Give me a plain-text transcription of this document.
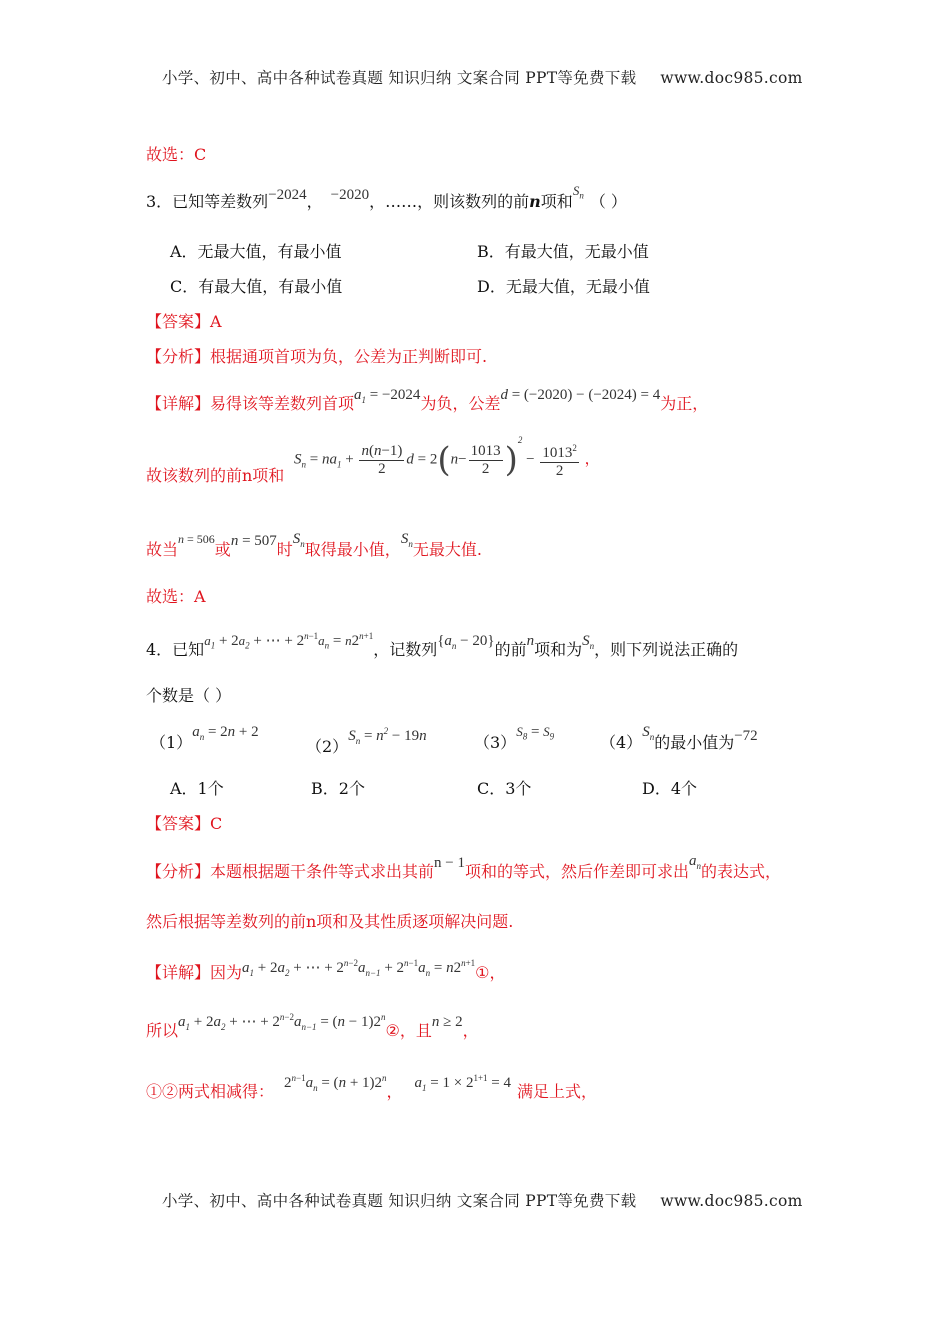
小学、初中、高中各种试卷真题 知识归纳 文案合同 PPT等免费下载 www.doc985.com
故选：C
3．已知等差数列−2024， −2020，……，则该数列的前n项和$^{S_n}$ （ ）
A．无最大值，有最小值	B．有最大值，无最小值
C．有最大值，有最小值	D．无最大值，无最小值
【答案】A
【分析】根据通项首项为负，公差为正判断即可.
【详解】易得该等差数列首项$a_1 = -2024$为负，公差d = (−2020) − (−2024) = 4为正，
故该数列的前n项和
$S_n = na_1 + \frac{n(n-1)}{2}$ $d = 2(n- \frac{1013}{2} )^2 - \frac{1013^2}{2}$ ，
故当$^{n = 506}$或n = 507时$S_n$取得最小值，$S_n$无最大值.
故选：A
4．已知$^{a_1 + 2a_2 + \cdots + 2^{n-1}a_n = n2^{n+1}}$，记数列$\{a_n - 20\}$的前n项和为$S_n$，则下列说法正确的
个数是（ ）
$(1)a_n = 2n + 2$
$(2)S_n = n^2 - 19n$	$(3)^{S_8 = S_9}$	$(4)S_n$的最小值为−72
A．1个	B．2个	C．3个	D．4个
【答案】C
【分析】本题根据题干条件等式求出其前n − 1项和的等式，然后作差即可求出$a_n$的表达式，
然后根据等差数列的前n项和及其性质逐项解决问题.
【详解】因为$a_1 + 2a_2$ + ⋯ + $2^{n-2}a_{n-1} + 2^{n-1}a_n$ = $n2^{n+1}①$，
所以$a_1 + 2a_2$ + ⋯ + $2^{n-2}a_{n-1} = (n$ − $1)2^n②$，且n ≥ 2，
①②两式相减得： $2^{n-1}a_n = (n + 1)2^n$， $a_1 = 1 \times 2^{1+1} = 4$ 满足上式，
小学、初中、高中各种试卷真题 知识归纳 文案合同 PPT等免费下载 www.doc985.com
